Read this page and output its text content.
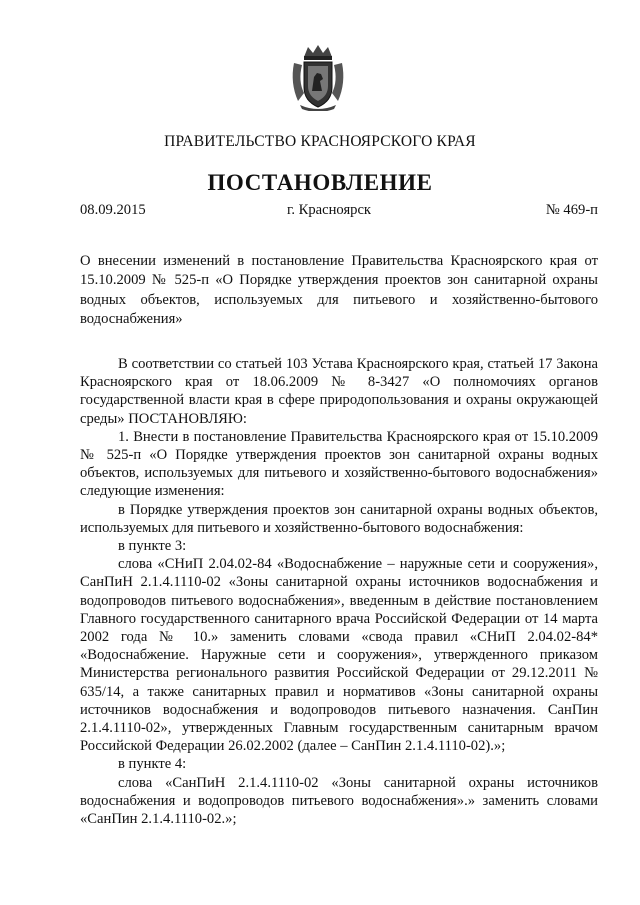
ПРАВИТЕЛЬСТВО КРАСНОЯРСКОГО КРАЯ
ПОСТАНОВЛЕНИЕ
08.09.2015	г. Красноярск	№ 469-п
О внесении изменений в постановление Правительства Красноярского края от 15.10.2009 № 525-п «О Порядке утверждения проектов зон санитарной охраны водных объектов, используемых для питьевого и хозяйственно-бытового водоснабжения»

В соответствии со статьей 103 Устава Красноярского края, статьей 17 Закона Красноярского края от 18.06.2009 № 8-3427 «О полномочиях органов государственной власти края в сфере природопользования и охраны окружающей среды» ПОСТАНОВЛЯЮ:

1. Внести в постановление Правительства Красноярского края от 15.10.2009 № 525-п «О Порядке утверждения проектов зон санитарной охраны водных объектов, используемых для питьевого и хозяйственно-бытового водоснабжения» следующие изменения:

в Порядке утверждения проектов зон санитарной охраны водных объектов, используемых для питьевого и хозяйственно-бытового водоснабжения:

в пункте 3:

слова «СНиП 2.04.02-84 «Водоснабжение – наружные сети и сооружения», СанПиН 2.1.4.1110-02 «Зоны санитарной охраны источников водоснабжения и водопроводов питьевого водоснабжения», введенным в действие постановлением Главного государственного санитарного врача Российской Федерации от 14 марта 2002 года № 10.» заменить словами «свода правил «СНиП 2.04.02-84* «Водоснабжение. Наружные сети и сооружения», утвержденного приказом Министерства регионального развития Российской Федерации от 29.12.2011 № 635/14, а также санитарных правил и нормативов «Зоны санитарной охраны источников водоснабжения и водопроводов питьевого назначения. СанПин 2.1.4.1110-02», утвержденных Главным государственным санитарным врачом Российской Федерации 26.02.2002 (далее – СанПин 2.1.4.1110-02).»;

в пункте 4:

слова «СанПиН 2.1.4.1110-02 «Зоны санитарной охраны источников водоснабжения и водопроводов питьевого водоснабжения».» заменить словами «СанПин 2.1.4.1110-02.»;
